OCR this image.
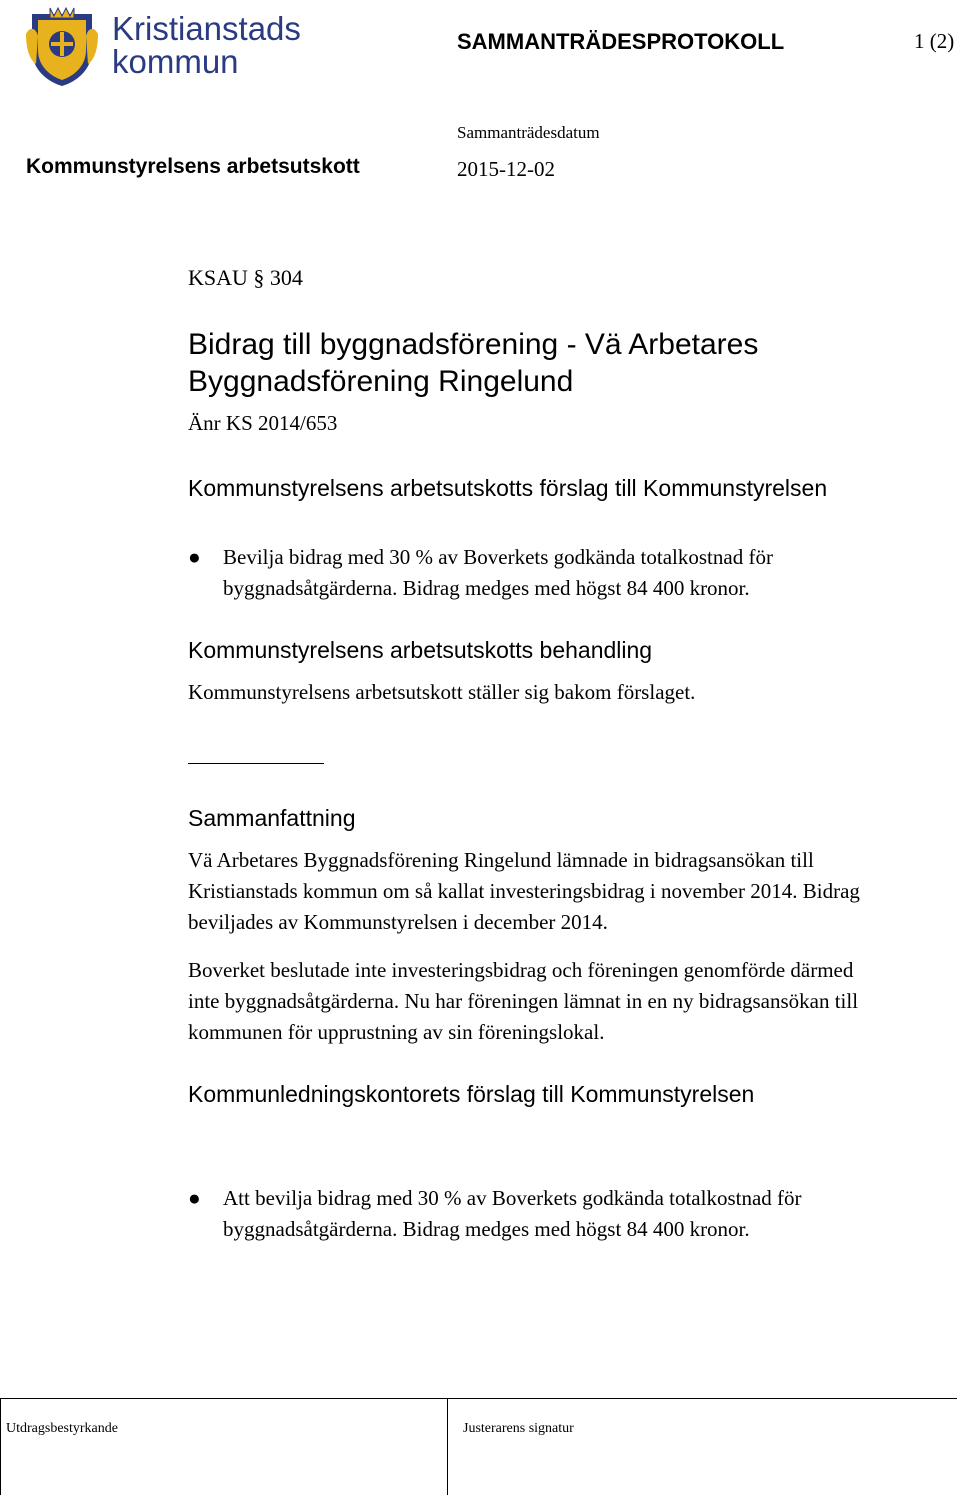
Kristianstads
kommun
SAMMANTRÄDESPROTOKOLL	1 (2)
Sammanträdesdatum
Kommunstyrelsens arbetsutskott	2015-12-02
KSAU § 304
Bidrag till byggnadsförening - Vä Arbetares Byggnadsförening Ringelund
Änr KS 2014/653
Kommunstyrelsens arbetsutskotts förslag till Kommunstyrelsen
● Bevilja bidrag med 30 % av Boverkets godkända totalkostnad för byggnadsåtgärderna. Bidrag medges med högst 84 400 kronor.
Kommunstyrelsens arbetsutskotts behandling
Kommunstyrelsens arbetsutskott ställer sig bakom förslaget.
Sammanfattning

Vä Arbetares Byggnadsförening Ringelund lämnade in bidragsansökan till Kristianstads kommun om så kallat investeringsbidrag i november 2014. Bidrag beviljades av Kommunstyrelsen i december 2014.

Boverket beslutade inte investeringsbidrag och föreningen genomförde därmed inte byggnadsåtgärderna. Nu har föreningen lämnat in en ny bidragsansökan till kommunen för upprustning av sin föreningslokal.

Kommunledningskontorets förslag till Kommunstyrelsen
● Att bevilja bidrag med 30 % av Boverkets godkända totalkostnad för byggnadsåtgärderna. Bidrag medges med högst 84 400 kronor.
Utdragsbestyrkande	Justerarens signatur
